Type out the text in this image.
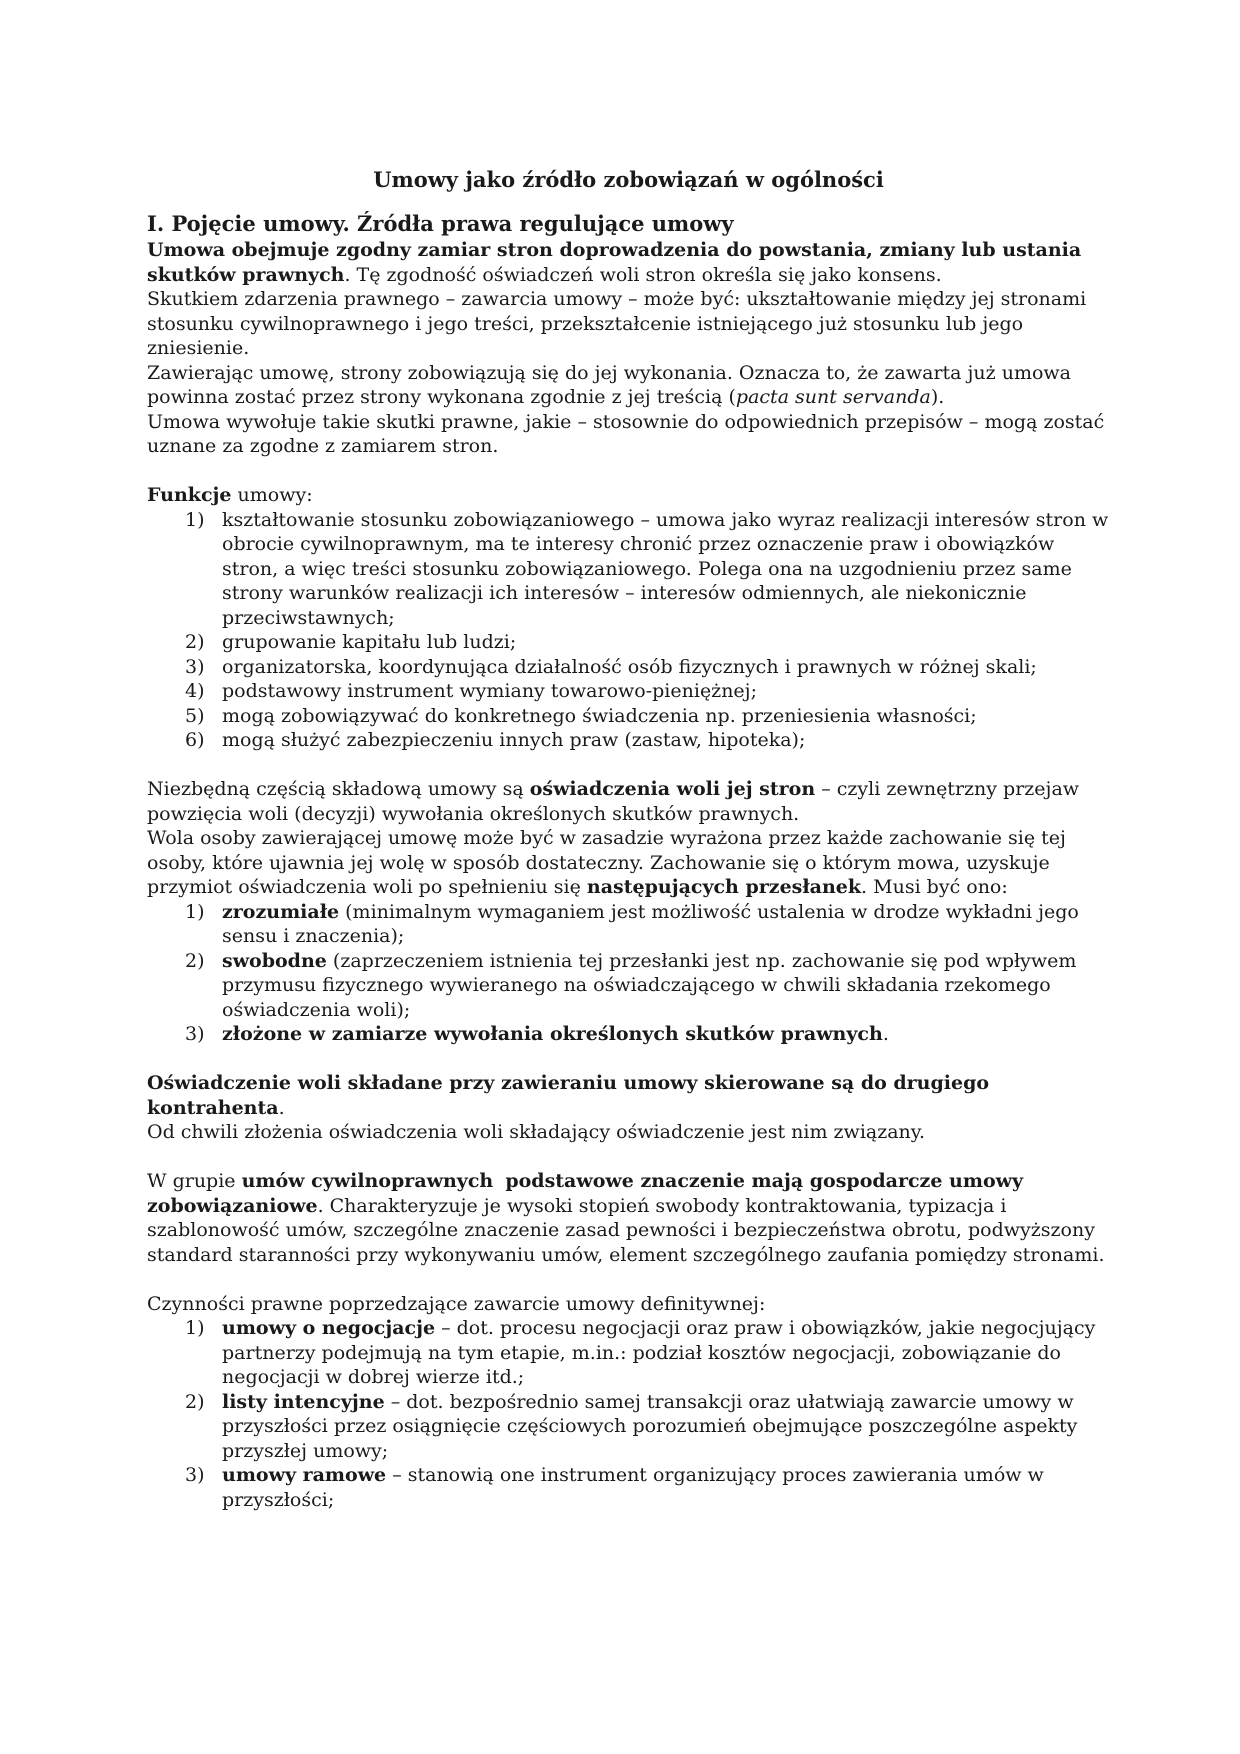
Umowy jako źródło zobowiązań w ogólności
I. Pojęcie umowy. Źródła prawa regulujące umowy

Umowa obejmuje zgodny zamiar stron doprowadzenia do powstania, zmiany lub ustania skutków prawnych. Tę zgodność oświadczeń woli stron określa się jako konsens.

Skutkiem zdarzenia prawnego – zawarcia umowy – może być: ukształtowanie między jej stronami stosunku cywilnoprawnego i jego treści, przekształcenie istniejącego już stosunku lub jego zniesienie.

Zawierając umowę, strony zobowiązują się do jej wykonania. Oznacza to, że zawarta już umowa powinna zostać przez strony wykonana zgodnie z jej treścią (pacta sunt servanda).

Umowa wywołuje takie skutki prawne, jakie – stosownie do odpowiednich przepisów – mogą zostać uznane za zgodne z zamiarem stron.

Funkcje umowy:

1) kształtowanie stosunku zobowiązaniowego – umowa jako wyraz realizacji interesów stron w obrocie cywilnoprawnym, ma te interesy chronić przez oznaczenie praw i obowiązków stron, a więc treści stosunku zobowiązaniowego. Polega ona na uzgodnieniu przez same strony warunków realizacji ich interesów – interesów odmiennych, ale niekonicznie przeciwstawnych;
2) grupowanie kapitału lub ludzi;
3) organizatorska, koordynująca działalność osób fizycznych i prawnych w różnej skali;
4) podstawowy instrument wymiany towarowo-pieniężnej;
5) mogą zobowiązywać do konkretnego świadczenia np. przeniesienia własności;
6) mogą służyć zabezpieczeniu innych praw (zastaw, hipoteka);

Niezbędną częścią składową umowy są oświadczenia woli jej stron – czyli zewnętrzny przejaw powzięcia woli (decyzji) wywołania określonych skutków prawnych.

Wola osoby zawierającej umowę może być w zasadzie wyrażona przez każde zachowanie się tej osoby, które ujawnia jej wolę w sposób dostateczny. Zachowanie się o którym mowa, uzyskuje przymiot oświadczenia woli po spełnieniu się następujących przesłanek. Musi być ono:

1) zrozumiałe (minimalnym wymaganiem jest możliwość ustalenia w drodze wykładni jego sensu i znaczenia);
2) swobodne (zaprzeczeniem istnienia tej przesłanki jest np. zachowanie się pod wpływem przymusu fizycznego wywieranego na oświadczającego w chwili składania rzekomego oświadczenia woli);
3) złożone w zamiarze wywołania określonych skutków prawnych.

Oświadczenie woli składane przy zawieraniu umowy skierowane są do drugiego kontrahenta.

Od chwili złożenia oświadczenia woli składający oświadczenie jest nim związany.

W grupie umów cywilnoprawnych podstawowe znaczenie mają gospodarcze umowy zobowiązaniowe. Charakteryzuje je wysoki stopień swobody kontraktowania, typizacja i szablonowość umów, szczególne znaczenie zasad pewności i bezpieczeństwa obrotu, podwyższony standard staranności przy wykonywaniu umów, element szczególnego zaufania pomiędzy stronami.

Czynności prawne poprzedzające zawarcie umowy definitywnej:

1) umowy o negocjacje – dot. procesu negocjacji oraz praw i obowiązków, jakie negocjujący partnerzy podejmują na tym etapie, m.in.: podział kosztów negocjacji, zobowiązanie do negocjacji w dobrej wierze itd.;
2) listy intencyjne – dot. bezpośrednio samej transakcji oraz ułatwiają zawarcie umowy w przyszłości przez osiągnięcie częściowych porozumień obejmujące poszczególne aspekty przyszłej umowy;
3) umowy ramowe – stanowią one instrument organizujący proces zawierania umów w przyszłości;
